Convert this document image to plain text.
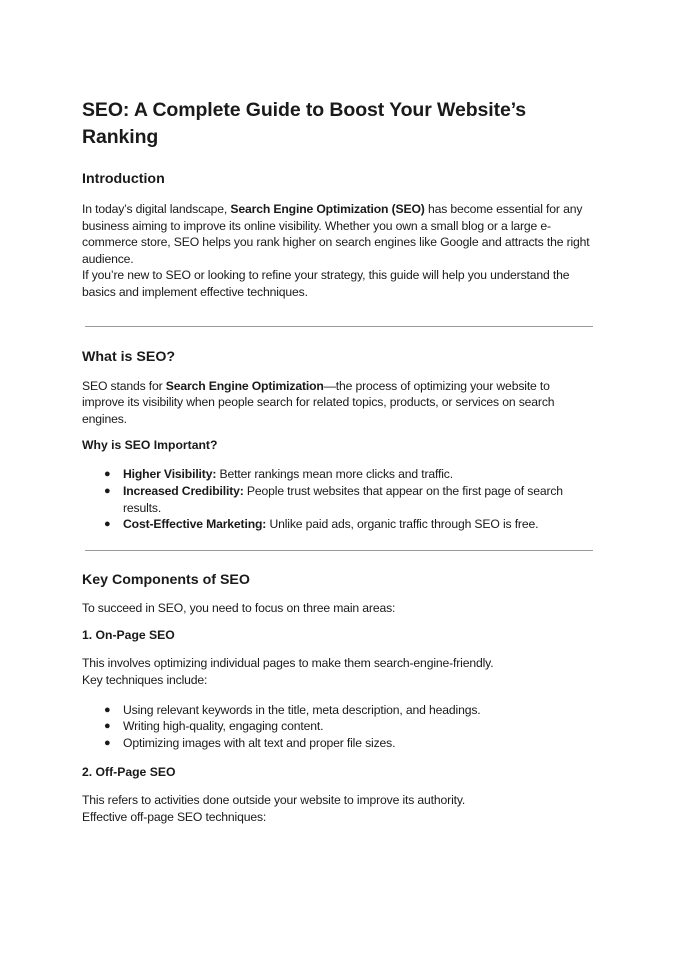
SEO: A Complete Guide to Boost Your Website’s Ranking
Introduction

In today’s digital landscape, Search Engine Optimization (SEO) has become essential for any business aiming to improve its online visibility. Whether you own a small blog or a large e-commerce store, SEO helps you rank higher on search engines like Google and attracts the right audience.

If you’re new to SEO or looking to refine your strategy, this guide will help you understand the basics and implement effective techniques.

What is SEO?

SEO stands for Search Engine Optimization—the process of optimizing your website to improve its visibility when people search for related topics, products, or services on search engines.

Why is SEO Important?
● Higher Visibility: Better rankings mean more clicks and traffic.
● Increased Credibility: People trust websites that appear on the first page of search results.
● Cost-Effective Marketing: Unlike paid ads, organic traffic through SEO is free.
Key Components of SEO

To succeed in SEO, you need to focus on three main areas:

1. On-Page SEO

This involves optimizing individual pages to make them search-engine-friendly.

Key techniques include:

● Using relevant keywords in the title, meta description, and headings.
● Writing high-quality, engaging content.
● Optimizing images with alt text and proper file sizes.
2. Off-Page SEO

This refers to activities done outside your website to improve its authority.

Effective off-page SEO techniques:
